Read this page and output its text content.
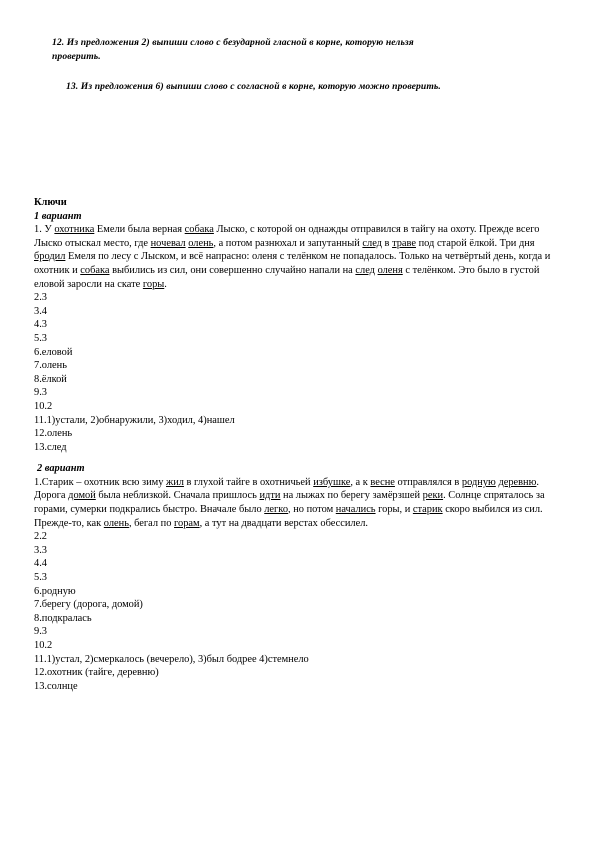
12. Из предложения 2) выпиши слово с безударной гласной в корне, которую нельзя

проверить.

13. Из предложения 6) выпиши слово с согласной в корне, которую можно проверить.

Ключи
1 вариант
1. У охотника Емели была верная собака Лыско, с которой он однажды отправился в тайгу на охоту. Прежде всего Лыско отыскал место, где ночевал олень, а потом разнюхал и запутанный след в траве под старой ёлкой. Три дня бродил Емеля по лесу с Лыском, и всё напрасно: оленя с телёнком не попадалось. Только на четвёртый день, когда и охотник и собака выбились из сил, они совершенно случайно напали на след оленя с телёнком. Это было в густой еловой заросли на скате горы.
2.3
3.4
4.3
5.3
6.еловой
7.олень
8.ёлкой
9.3
10.2
11.1)устали, 2)обнаружили, 3)ходил, 4)нашел
12.олень
13.след
2 вариант
1.Старик – охотник всю зиму жил в глухой тайге в охотничьей избушке, а к весне отправлялся в родную деревню. Дорога домой была неблизкой. Сначала пришлось идти на лыжах по берегу замёрзшей реки. Солнце спряталось за горами, сумерки подкрались быстро. Вначале было легко, но потом начались горы, и старик скоро выбился из сил. Прежде-то, как олень, бегал по горам, а тут на двадцати верстах обессилел.
2.2
3.3
4.4
5.3
6.родную
7.берегу (дорога, домой)
8.подкралась
9.3
10.2
11.1)устал, 2)смеркалось (вечерело), 3)был бодрее 4)стемнело
12.охотник (тайге, деревню)
13.солнце
